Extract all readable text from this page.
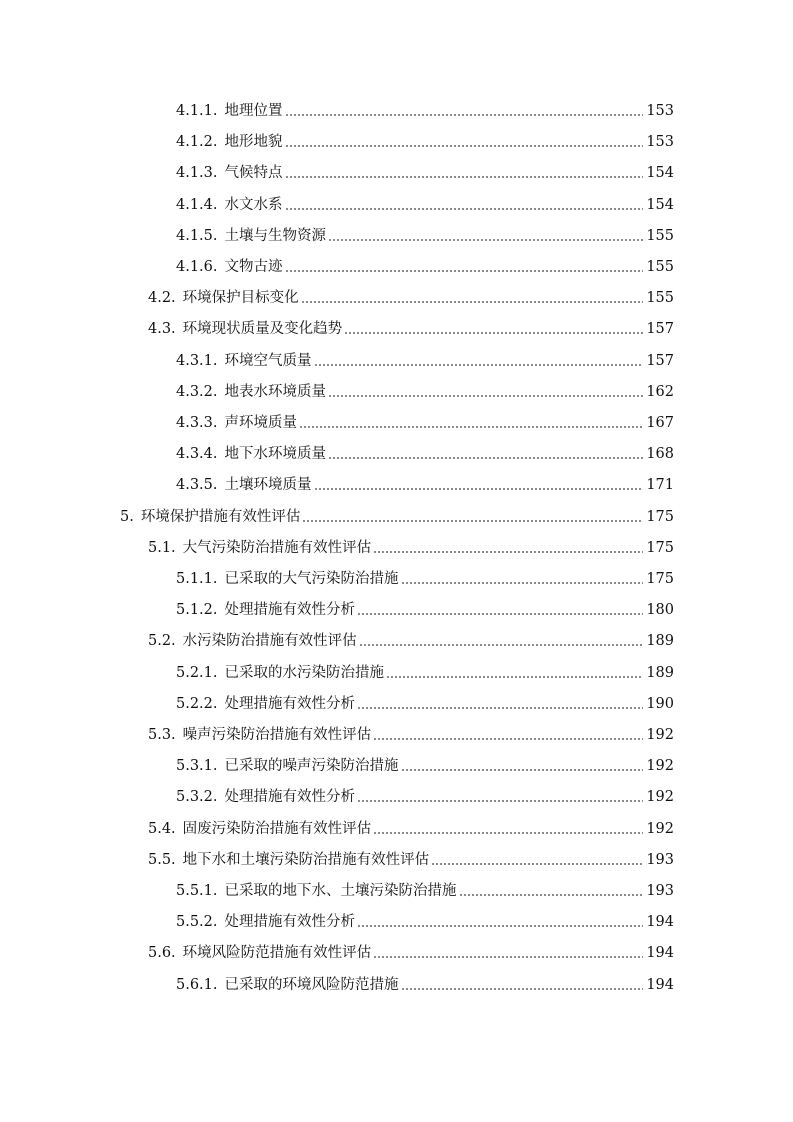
4.1.1. 地理位置	153
4.1.2. 地形地貌	153
4.1.3. 气候特点	154
4.1.4. 水文水系	154
4.1.5. 土壤与生物资源	155
4.1.6. 文物古迹	155
4.2. 环境保护目标变化	155
4.3. 环境现状质量及变化趋势	157
4.3.1. 环境空气质量	157
4.3.2. 地表水环境质量	162
4.3.3. 声环境质量	167
4.3.4. 地下水环境质量	168
4.3.5. 土壤环境质量	171
5. 环境保护措施有效性评估	175
5.1. 大气污染防治措施有效性评估	175
5.1.1. 已采取的大气污染防治措施	175
5.1.2. 处理措施有效性分析	180
5.2. 水污染防治措施有效性评估	189
5.2.1. 已采取的水污染防治措施	189
5.2.2. 处理措施有效性分析	190
5.3. 噪声污染防治措施有效性评估	192
5.3.1. 已采取的噪声污染防治措施	192
5.3.2. 处理措施有效性分析	192
5.4. 固废污染防治措施有效性评估	192
5.5. 地下水和土壤污染防治措施有效性评估	193
5.5.1. 已采取的地下水、土壤污染防治措施	193
5.5.2. 处理措施有效性分析	194
5.6. 环境风险防范措施有效性评估	194
5.6.1. 已采取的环境风险防范措施	194
